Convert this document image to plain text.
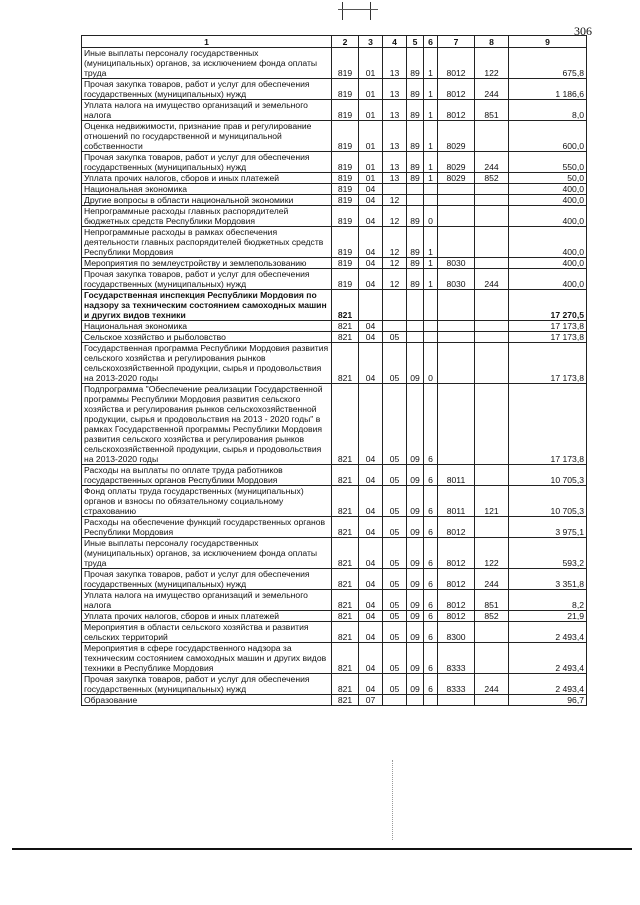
306
1	2	3	4	5	6	7	8	9
Иные выплаты персоналу государственных (муниципальных) органов, за исключением фонда оплаты труда	819	01	13	89	1	8012	122	675,8
Прочая закупка товаров, работ и услуг для обеспечения государственных (муниципальных) нужд	819	01	13	89	1	8012	244	1 186,6
Уплата налога на имущество организаций и земельного налога	819	01	13	89	1	8012	851	8,0
Оценка недвижимости, признание прав и регулирование отношений по государственной и муниципальной собственности	819	01	13	89	1	8029		600,0
Прочая закупка товаров, работ и услуг для обеспечения государственных (муниципальных) нужд	819	01	13	89	1	8029	244	550,0
Уплата прочих налогов, сборов и иных платежей	819	01	13	89	1	8029	852	50,0
Национальная экономика	819	04						400,0
Другие вопросы в области национальной экономики	819	04	12					400,0
Непрограммные расходы главных распорядителей бюджетных средств Республики Мордовия	819	04	12	89	0			400,0
Непрограммные расходы в рамках обеспечения деятельности главных распорядителей бюджетных средств Республики Мордовия	819	04	12	89	1			400,0
Мероприятия по землеустройству и землепользованию	819	04	12	89	1	8030		400,0
Прочая закупка товаров, работ и услуг для обеспечения государственных (муниципальных) нужд	819	04	12	89	1	8030	244	400,0
Государственная инспекция Республики Мордовия по надзору за техническим состоянием самоходных машин и других видов техники	821							17 270,5
Национальная экономика	821	04						17 173,8
Сельское хозяйство и рыболовство	821	04	05					17 173,8
Государственная программа Республики Мордовия развития сельского хозяйства и регулирования рынков сельскохозяйственной продукции, сырья и продовольствия на 2013-2020 годы	821	04	05	09	0			17 173,8
Подпрограмма "Обеспечение реализации Государственной программы Республики Мордовия развития сельского хозяйства и регулирования рынков сельскохозяйственной продукции, сырья и продовольствия на 2013 - 2020 годы" в рамках Государственной программы Республики Мордовия развития сельского хозяйства и регулирования рынков сельскохозяйственной продукции, сырья и продовольствия на 2013-2020 годы	821	04	05	09	6			17 173,8
Расходы на выплаты по оплате труда работников государственных органов Республики Мордовия	821	04	05	09	6	8011		10 705,3
Фонд оплаты труда государственных (муниципальных) органов и взносы по обязательному социальному страхованию	821	04	05	09	6	8011	121	10 705,3
Расходы на обеспечение функций государственных органов Республики Мордовия	821	04	05	09	6	8012		3 975,1
Иные выплаты персоналу государственных (муниципальных) органов, за исключением фонда оплаты труда	821	04	05	09	6	8012	122	593,2
Прочая закупка товаров, работ и услуг для обеспечения государственных (муниципальных) нужд	821	04	05	09	6	8012	244	3 351,8
Уплата налога на имущество организаций и земельного налога	821	04	05	09	6	8012	851	8,2
Уплата прочих налогов, сборов и иных платежей	821	04	05	09	6	8012	852	21,9
Мероприятия в области сельского хозяйства и развития сельских территорий	821	04	05	09	6	8300		2 493,4
Мероприятия в сфере государственного надзора за техническим состоянием самоходных машин и других видов техники в Республике Мордовия	821	04	05	09	6	8333		2 493,4
Прочая закупка товаров, работ и услуг для обеспечения государственных (муниципальных) нужд	821	04	05	09	6	8333	244	2 493,4
Образование	821	07						96,7
